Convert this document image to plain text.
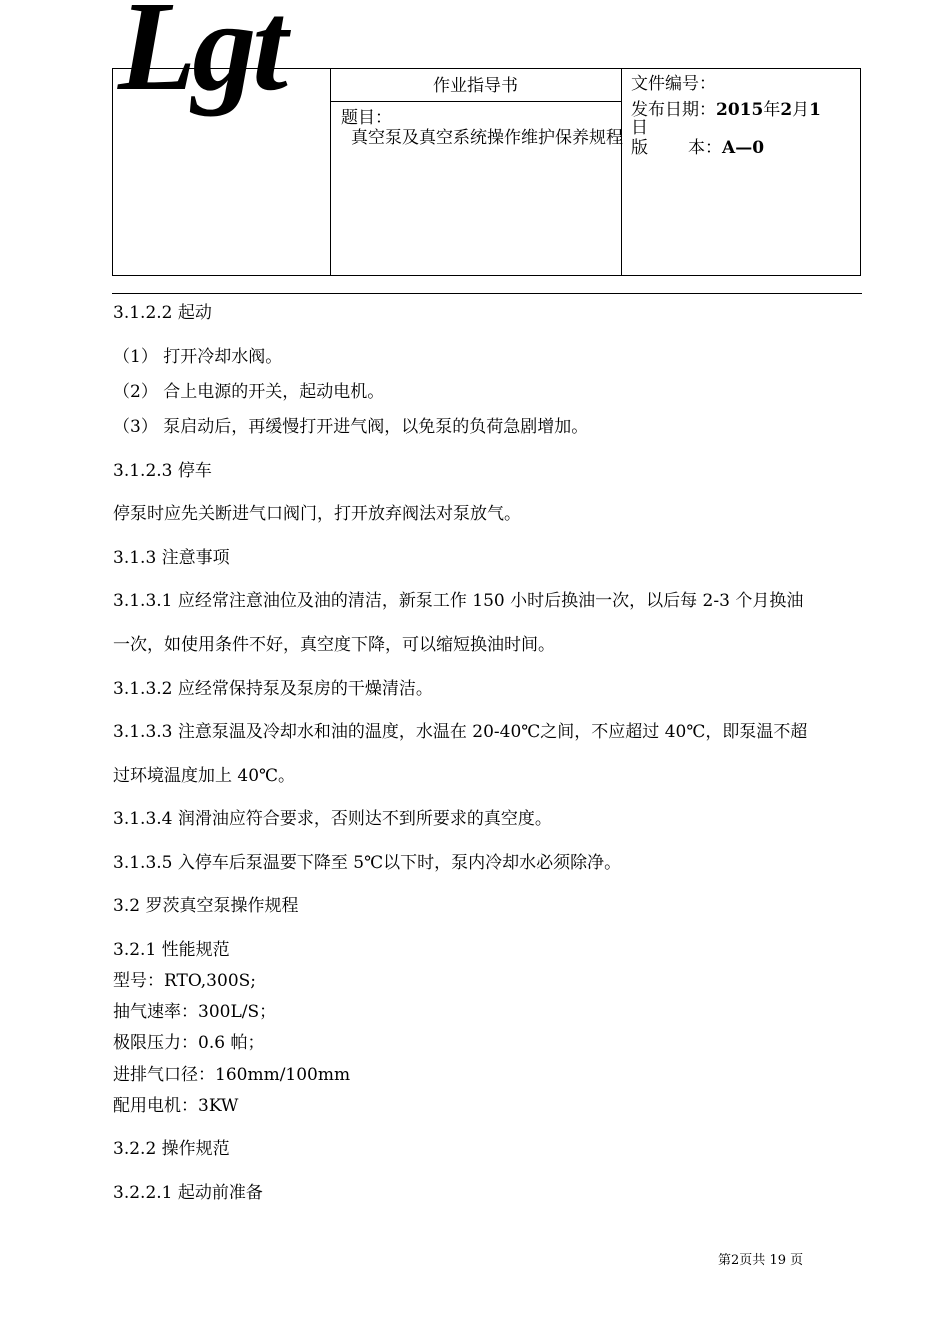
Lgt	作业指导书
题目：
真空泵及真空系统操作维护保养规程
文件编号：
发布日期：2015年2月1
日
版 本：A—0

3.1.2.2 起动

（1） 打开冷却水阀。

（2） 合上电源的开关，起动电机。

（3） 泵启动后，再缓慢打开进气阀，以免泵的负荷急剧增加。

3.1.2.3 停车

停泵时应先关断进气口阀门，打开放弃阀法对泵放气。

3.1.3 注意事项

3.1.3.1 应经常注意油位及油的清洁，新泵工作 150 小时后换油一次，以后每 2-3 个月换油

一次，如使用条件不好，真空度下降，可以缩短换油时间。

3.1.3.2 应经常保持泵及泵房的干燥清洁。

3.1.3.3 注意泵温及冷却水和油的温度，水温在 20-40℃之间，不应超过 40℃，即泵温不超

过环境温度加上 40℃。

3.1.3.4 润滑油应符合要求，否则达不到所要求的真空度。

3.1.3.5 入停车后泵温要下降至 5℃以下时，泵内冷却水必须除净。

3.2 罗茨真空泵操作规程

3.2.1 性能规范

型号：RTO,300S;

抽气速率：300L/S；

极限压力：0.6 帕；

进排气口径：160mm/100mm

配用电机：3KW

3.2.2 操作规范

3.2.2.1 起动前准备

第2页共 19 页
